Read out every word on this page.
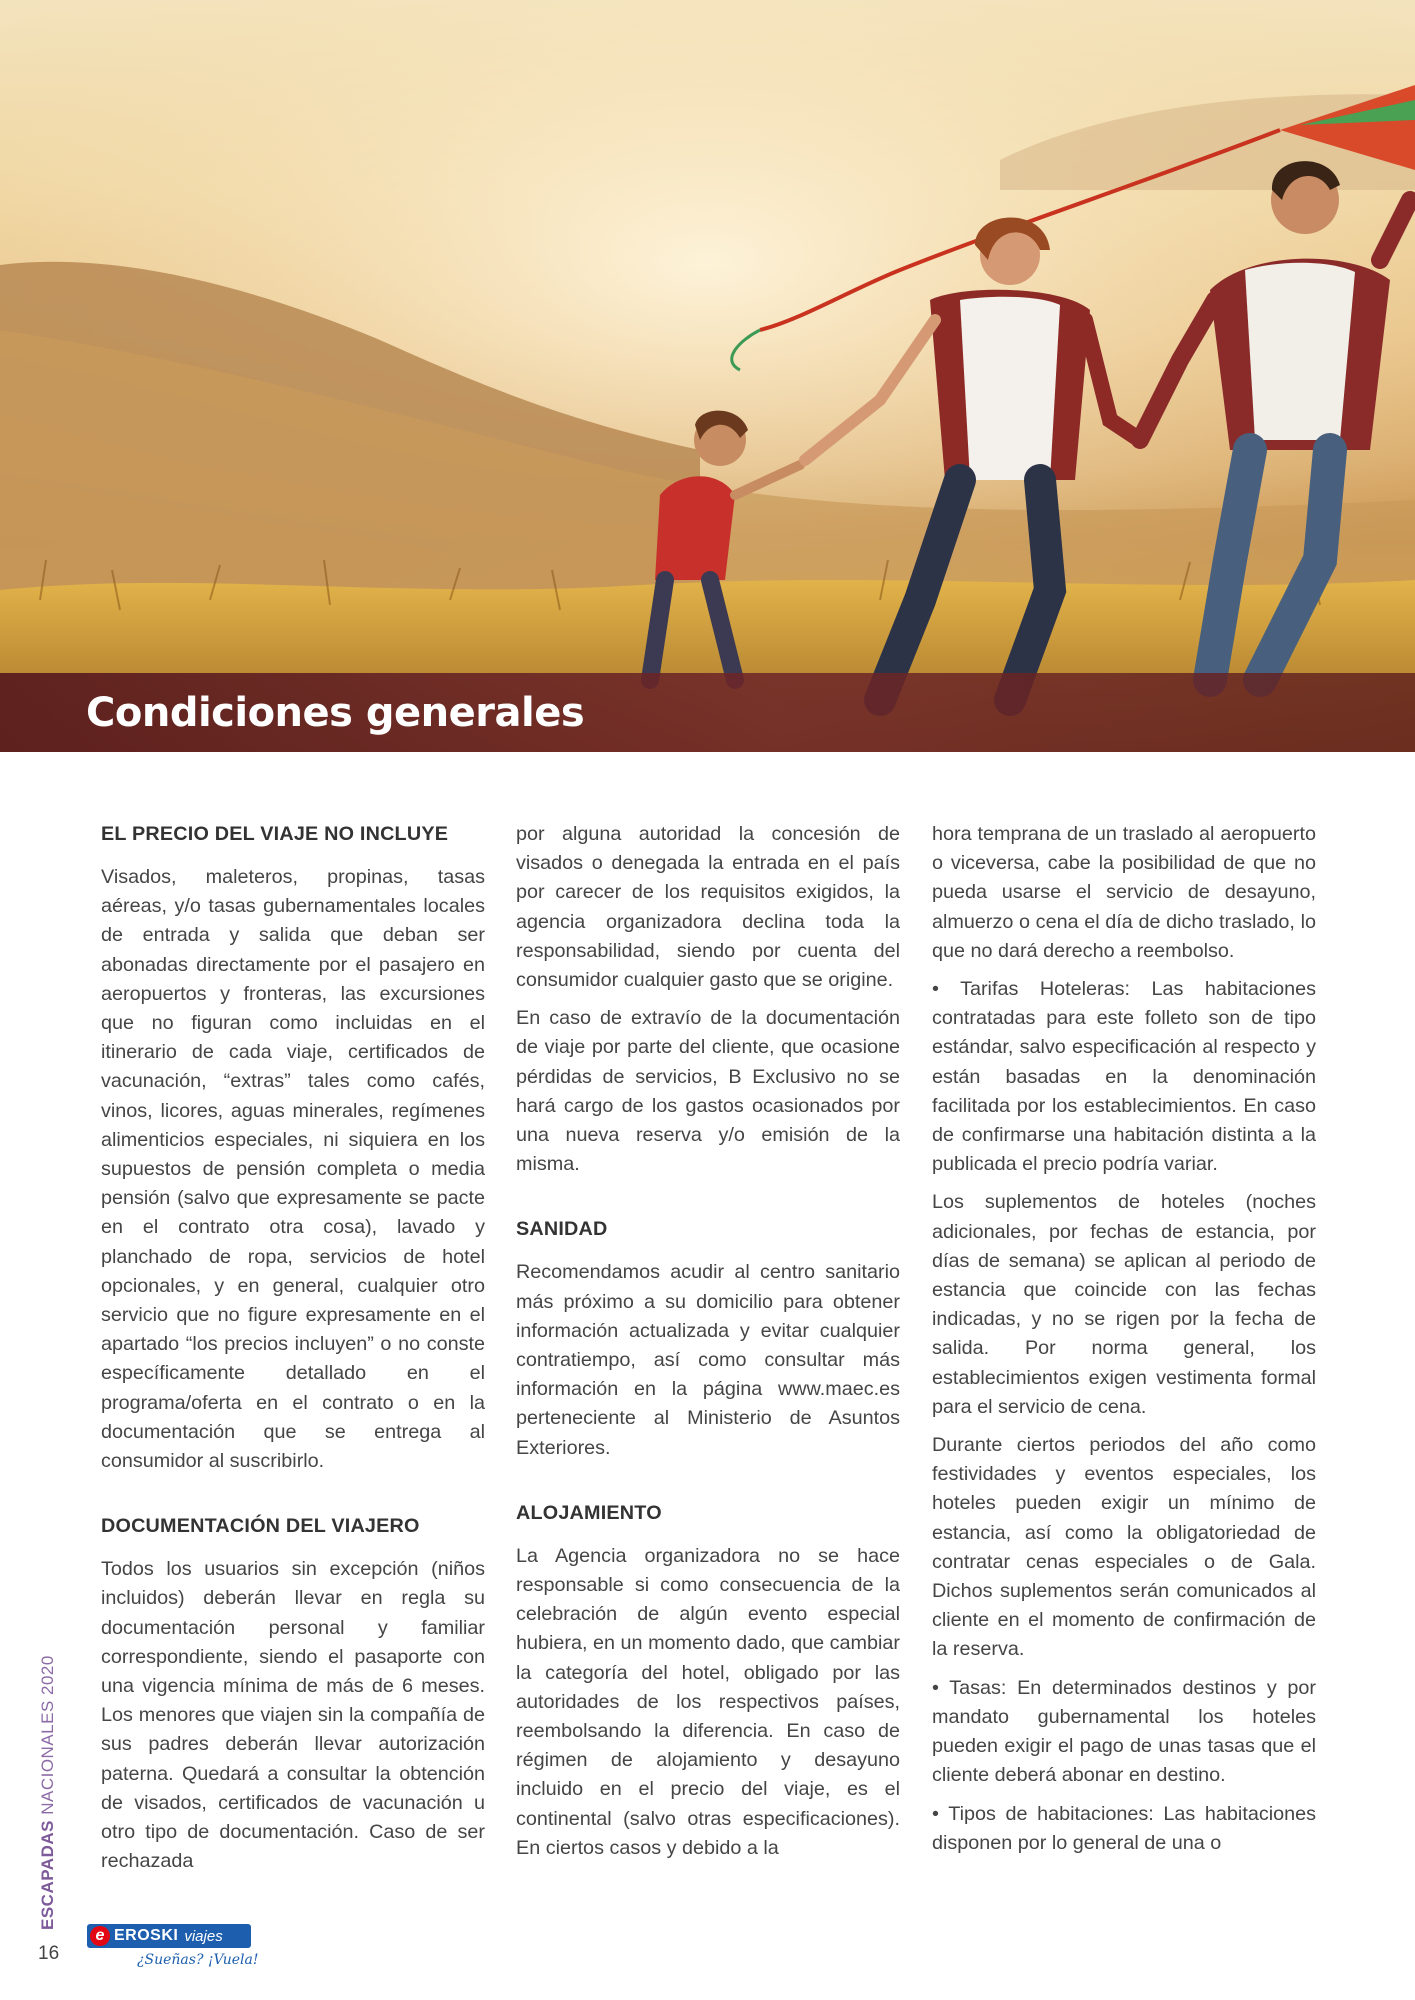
Condiciones generales
EL PRECIO DEL VIAJE NO INCLUYE

Visados, maleteros, propinas, tasas aéreas, y/o tasas gubernamentales locales de entrada y salida que deban ser abonadas directamente por el pasajero en aeropuertos y fronteras, las excursiones que no figuran como incluidas en el itinerario de cada viaje, certificados de vacunación, “extras” tales como cafés, vinos, licores, aguas minerales, regímenes alimenticios especiales, ni siquiera en los supuestos de pensión completa o media pensión (salvo que expresamente se pacte en el contrato otra cosa), lavado y planchado de ropa, servicios de hotel opcionales, y en general, cualquier otro servicio que no figure expresamente en el apartado “los precios incluyen” o no conste específicamente detallado en el programa/oferta en el contrato o en la documentación que se entrega al consumidor al suscribirlo.

DOCUMENTACIÓN DEL VIAJERO

Todos los usuarios sin excepción (niños incluidos) deberán llevar en regla su documentación personal y familiar correspondiente, siendo el pasaporte con una vigencia mínima de más de 6 meses. Los menores que viajen sin la compañía de sus padres deberán llevar autorización paterna. Quedará a consultar la obtención de visados, certificados de vacunación u otro tipo de documentación. Caso de ser rechazada

por alguna autoridad la concesión de visados o denegada la entrada en el país por carecer de los requisitos exigidos, la agencia organizadora declina toda la responsabilidad, siendo por cuenta del consumidor cualquier gasto que se origine.

En caso de extravío de la documentación de viaje por parte del cliente, que ocasione pérdidas de servicios, B Exclusivo no se hará cargo de los gastos ocasionados por una nueva reserva y/o emisión de la misma.

SANIDAD

Recomendamos acudir al centro sanitario más próximo a su domicilio para obtener información actualizada y evitar cualquier contratiempo, así como consultar más información en la página www.maec.es perteneciente al Ministerio de Asuntos Exteriores.

ALOJAMIENTO

La Agencia organizadora no se hace responsable si como consecuencia de la celebración de algún evento especial hubiera, en un momento dado, que cambiar la categoría del hotel, obligado por las autoridades de los respectivos países, reembolsando la diferencia. En caso de régimen de alojamiento y desayuno incluido en el precio del viaje, es el continental (salvo otras especificaciones). En ciertos casos y debido a la

hora temprana de un traslado al aeropuerto o viceversa, cabe la posibilidad de que no pueda usarse el servicio de desayuno, almuerzo o cena el día de dicho traslado, lo que no dará derecho a reembolso.

• Tarifas Hoteleras: Las habitaciones contratadas para este folleto son de tipo estándar, salvo especificación al respecto y están basadas en la denominación facilitada por los establecimientos. En caso de confirmarse una habitación distinta a la publicada el precio podría variar.

Los suplementos de hoteles (noches adicionales, por fechas de estancia, por días de semana) se aplican al periodo de estancia que coincide con las fechas indicadas, y no se rigen por la fecha de salida. Por norma general, los establecimientos exigen vestimenta formal para el servicio de cena.

Durante ciertos periodos del año como festividades y eventos especiales, los hoteles pueden exigir un mínimo de estancia, así como la obligatoriedad de contratar cenas especiales o de Gala. Dichos suplementos serán comunicados al cliente en el momento de confirmación de la reserva.

• Tasas: En determinados destinos y por mandato gubernamental los hoteles pueden exigir el pago de unas tasas que el cliente deberá abonar en destino.

• Tipos de habitaciones: Las habitaciones disponen por lo general de una o

ESCAPADAS NACIONALES 2020
16
e EROSKI viajes
¿Sueñas? ¡Vuela!
